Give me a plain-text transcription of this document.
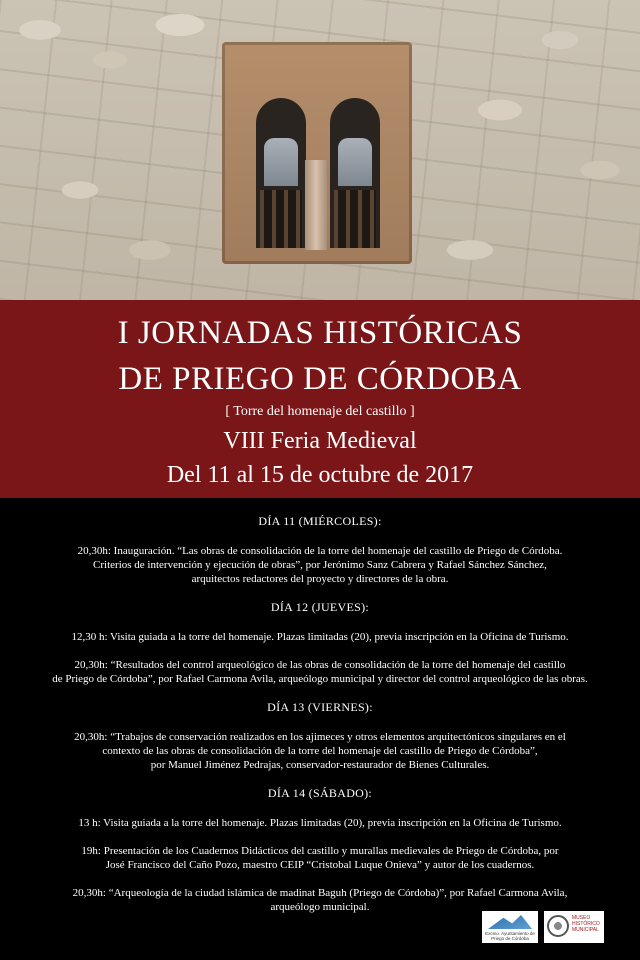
I JORNADAS HISTÓRICAS
DE PRIEGO DE CÓRDOBA
[ Torre del homenaje del castillo ]
VIII Feria Medieval
Del 11 al 15 de octubre de 2017
DÍA 11 (MIÉRCOLES):
20,30h: Inauguración. “Las obras de consolidación de la torre del homenaje del castillo de Priego de Córdoba.
Criterios de intervención y ejecución de obras”, por Jerónimo Sanz Cabrera y Rafael Sánchez Sánchez,
arquitectos redactores del proyecto y directores de la obra.
DÍA 12 (JUEVES):
12,30 h: Visita guiada a la torre del homenaje. Plazas limitadas (20), previa inscripción en la Oficina de Turismo.
20,30h: “Resultados del control arqueológico de las obras de consolidación de la torre del homenaje del castillo
de Priego de Córdoba”, por Rafael Carmona Avila, arqueólogo municipal y director del control arqueológico de las obras.
DÍA 13 (VIERNES):
20,30h: “Trabajos de conservación realizados en los ajimeces y otros elementos arquitectónicos singulares en el
contexto de las obras de consolidación de la torre del homenaje del castillo de Priego de Córdoba”,
por Manuel Jiménez Pedrajas, conservador-restaurador de Bienes Culturales.
DÍA 14 (SÁBADO):
13 h: Visita guiada a la torre del homenaje. Plazas limitadas (20), previa inscripción en la Oficina de Turismo.
19h: Presentación de los Cuadernos Didácticos del castillo y murallas medievales de Priego de Córdoba, por
José Francisco del Caño Pozo, maestro CEIP “Cristobal Luque Onieva” y autor de los cuadernos.
20,30h: “Arqueología de la ciudad islámica de madinat Baguh (Priego de Córdoba)”, por Rafael Carmona Avila,
arqueólogo municipal.
Excmo. Ayuntamiento de Priego de Córdoba
MUSEO HISTÓRICO MUNICIPAL
